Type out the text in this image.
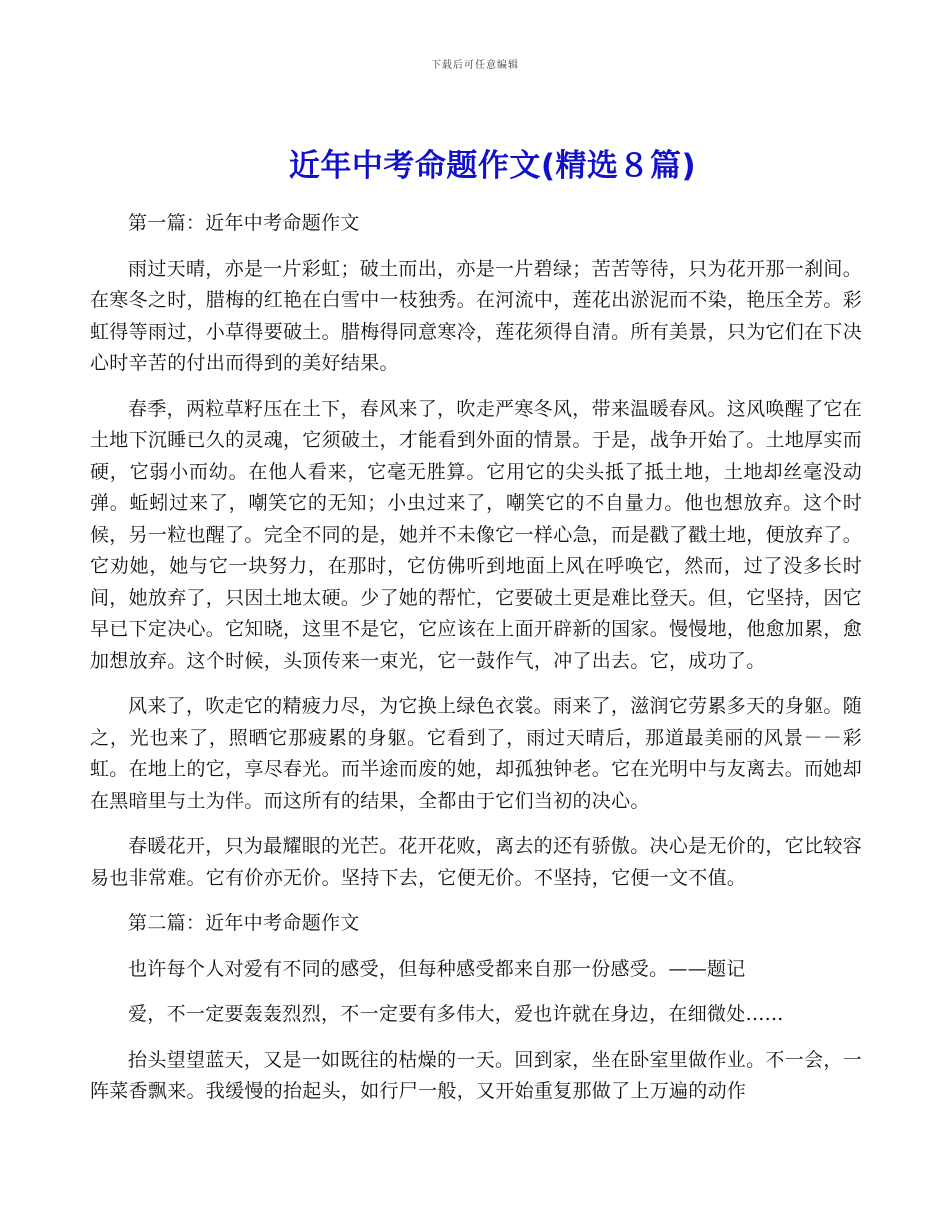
下载后可任意编辑
近年中考命题作文(精选８篇)

第一篇：近年中考命题作文

雨过天晴，亦是一片彩虹；破土而出，亦是一片碧绿；苦苦等待，只为花开那一刹间。在寒冬之时，腊梅的红艳在白雪中一枝独秀。在河流中，莲花出淤泥而不染，艳压全芳。彩虹得等雨过，小草得要破土。腊梅得同意寒冷，莲花须得自清。所有美景，只为它们在下决心时辛苦的付出而得到的美好结果。

春季，两粒草籽压在土下，春风来了，吹走严寒冬风，带来温暖春风。这风唤醒了它在土地下沉睡已久的灵魂，它须破土，才能看到外面的情景。于是，战争开始了。土地厚实而硬，它弱小而幼。在他人看来，它毫无胜算。它用它的尖头抵了抵土地，土地却丝毫没动弹。蚯蚓过来了，嘲笑它的无知；小虫过来了，嘲笑它的不自量力。他也想放弃。这个时候，另一粒也醒了。完全不同的是，她并不未像它一样心急，而是戳了戳土地，便放弃了。它劝她，她与它一块努力，在那时，它仿佛听到地面上风在呼唤它，然而，过了没多长时间，她放弃了，只因土地太硬。少了她的帮忙，它要破土更是难比登天。但，它坚持，因它早已下定决心。它知晓，这里不是它，它应该在上面开辟新的国家。慢慢地，他愈加累，愈加想放弃。这个时候，头顶传来一束光，它一鼓作气，冲了出去。它，成功了。

风来了，吹走它的精疲力尽，为它换上绿色衣裳。雨来了，滋润它劳累多天的身躯。随之，光也来了，照晒它那疲累的身躯。它看到了，雨过天晴后，那道最美丽的风景－－彩虹。在地上的它，享尽春光。而半途而废的她，却孤独钟老。它在光明中与友离去。而她却在黑暗里与土为伴。而这所有的结果，全都由于它们当初的决心。

春暖花开，只为最耀眼的光芒。花开花败，离去的还有骄傲。决心是无价的，它比较容易也非常难。它有价亦无价。坚持下去，它便无价。不坚持，它便一文不值。

第二篇：近年中考命题作文

也许每个人对爱有不同的感受，但每种感受都来自那一份感受。——题记

爱，不一定要轰轰烈烈，不一定要有多伟大，爱也许就在身边，在细微处......

抬头望望蓝天，又是一如既往的枯燥的一天。回到家，坐在卧室里做作业。不一会，一阵菜香飘来。我缓慢的抬起头，如行尸一般，又开始重复那做了上万遍的动作
